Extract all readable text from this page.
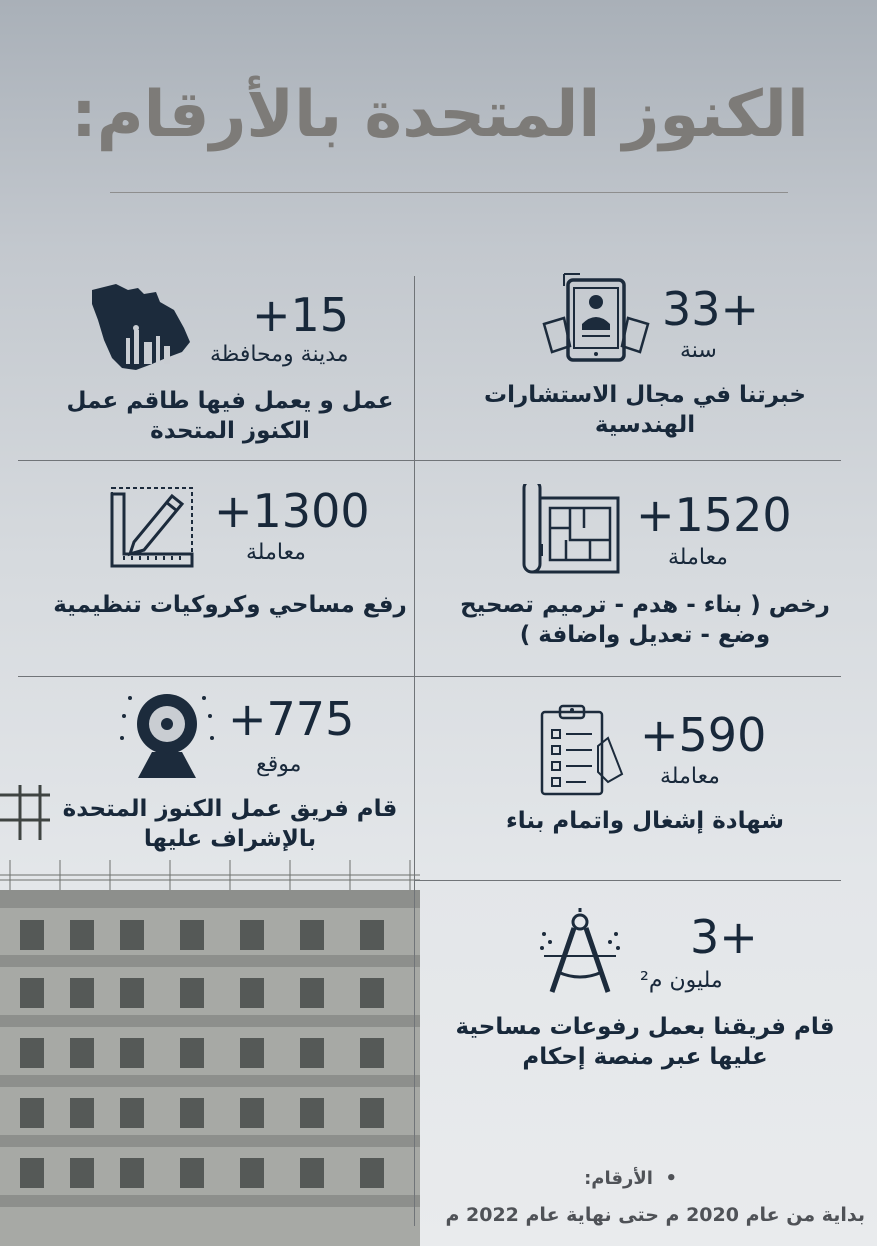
الكنوز المتحدة بالأرقام:
33+
سنة
خبرتنا في مجال الاستشارات الهندسية
+15
مدينة ومحافظة
عمل و يعمل فيها طاقم عمل الكنوز المتحدة
+1520
معاملة
رخص ( بناء - هدم - ترميم تصحيح وضع - تعديل واضافة )
+1300
معاملة
رفع مساحي وكروكيات تنظيمية
+590
معاملة
شهادة إشغال واتمام بناء
+775
موقع
قام فريق عمل الكنوز المتحدة بالإشراف عليها
3+
مليون م²
قام فريقنا بعمل رفوعات مساحية عليها عبر منصة إحكام
•  الأرقام:
بداية من عام 2020 م حتى نهاية عام 2022 م
